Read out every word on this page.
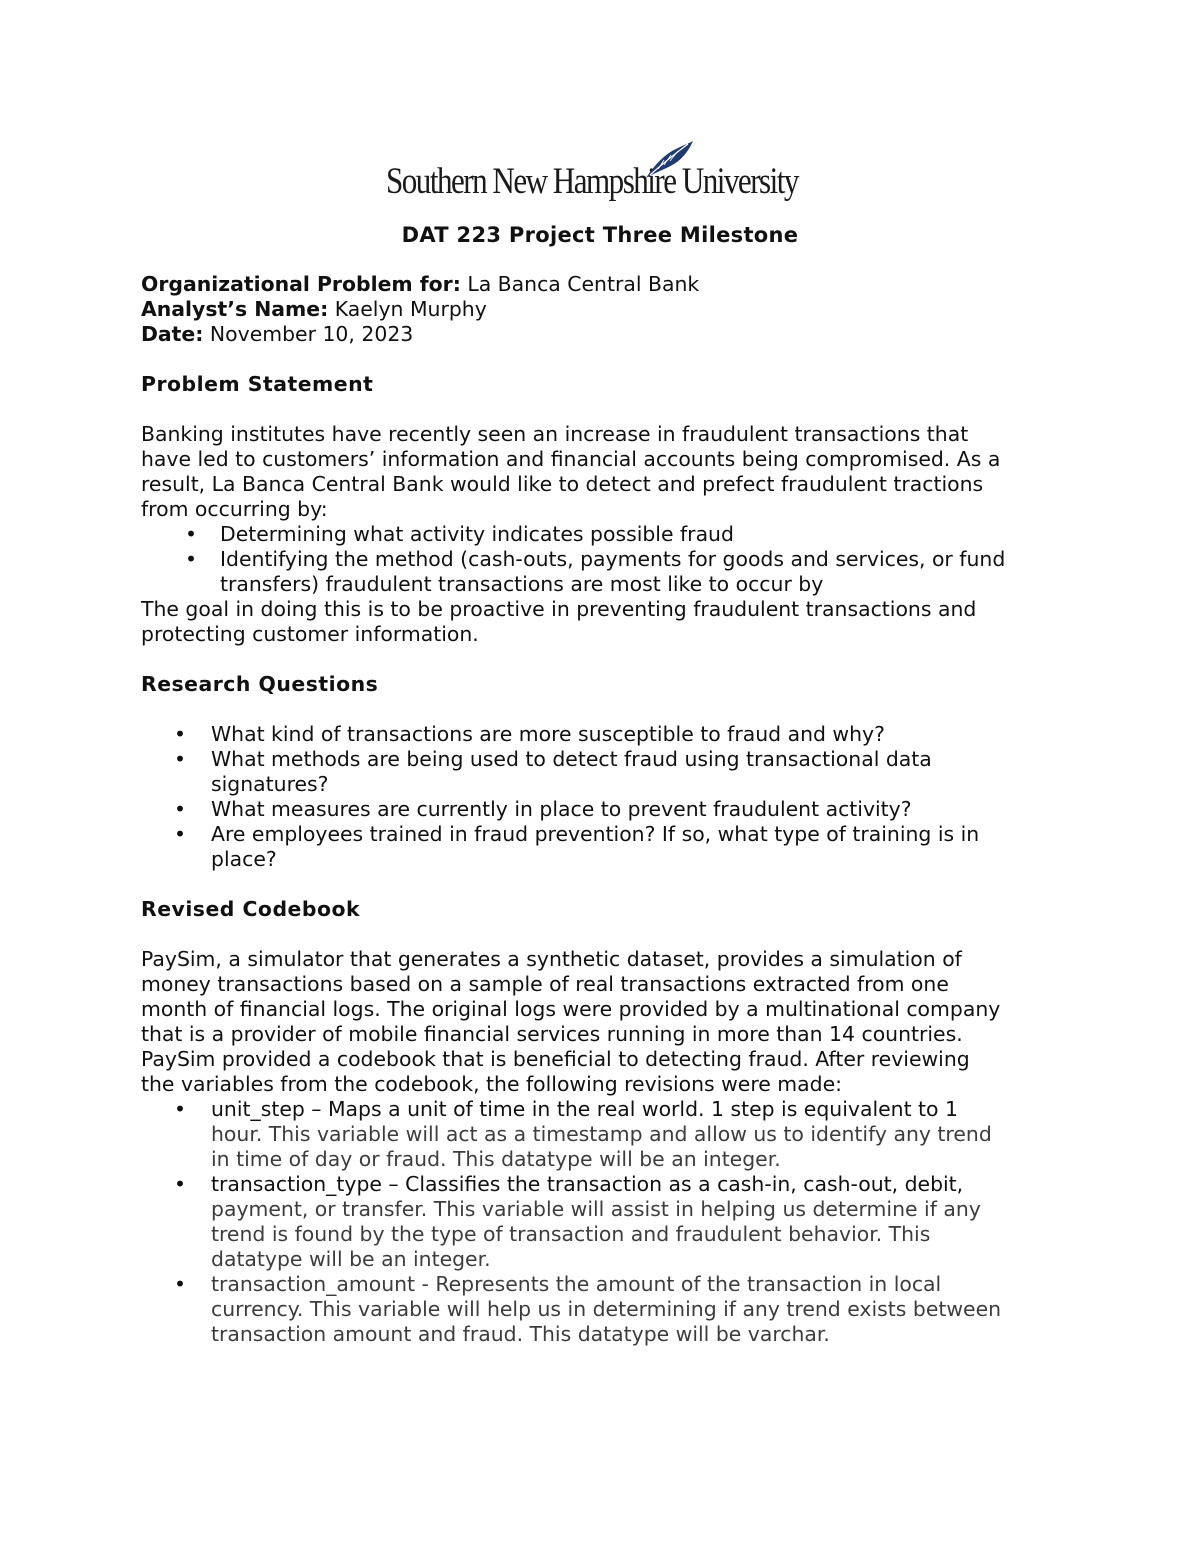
Southern New Hampshire University
DAT 223 Project Three Milestone
Organizational Problem for: La Banca Central Bank
Analyst’s Name: Kaelyn Murphy
Date: November 10, 2023
Problem Statement
Banking institutes have recently seen an increase in fraudulent transactions that
have led to customers’ information and financial accounts being compromised. As a
result, La Banca Central Bank would like to detect and prefect fraudulent tractions
from occurring by:
• Determining what activity indicates possible fraud
• Identifying the method (cash-outs, payments for goods and services, or fund
transfers) fraudulent transactions are most like to occur by
The goal in doing this is to be proactive in preventing fraudulent transactions and
protecting customer information.
Research Questions
• What kind of transactions are more susceptible to fraud and why?
• What methods are being used to detect fraud using transactional data
signatures?
• What measures are currently in place to prevent fraudulent activity?
• Are employees trained in fraud prevention? If so, what type of training is in
place?
Revised Codebook
PaySim, a simulator that generates a synthetic dataset, provides a simulation of
money transactions based on a sample of real transactions extracted from one
month of financial logs. The original logs were provided by a multinational company
that is a provider of mobile financial services running in more than 14 countries.
PaySim provided a codebook that is beneficial to detecting fraud. After reviewing
the variables from the codebook, the following revisions were made:
• unit_step – Maps a unit of time in the real world. 1 step is equivalent to 1
hour. This variable will act as a timestamp and allow us to identify any trend
in time of day or fraud. This datatype will be an integer.
• transaction_type – Classifies the transaction as a cash-in, cash-out, debit,
payment, or transfer. This variable will assist in helping us determine if any
trend is found by the type of transaction and fraudulent behavior. This
datatype will be an integer.
• transaction_amount - Represents the amount of the transaction in local
currency. This variable will help us in determining if any trend exists between
transaction amount and fraud. This datatype will be varchar.
